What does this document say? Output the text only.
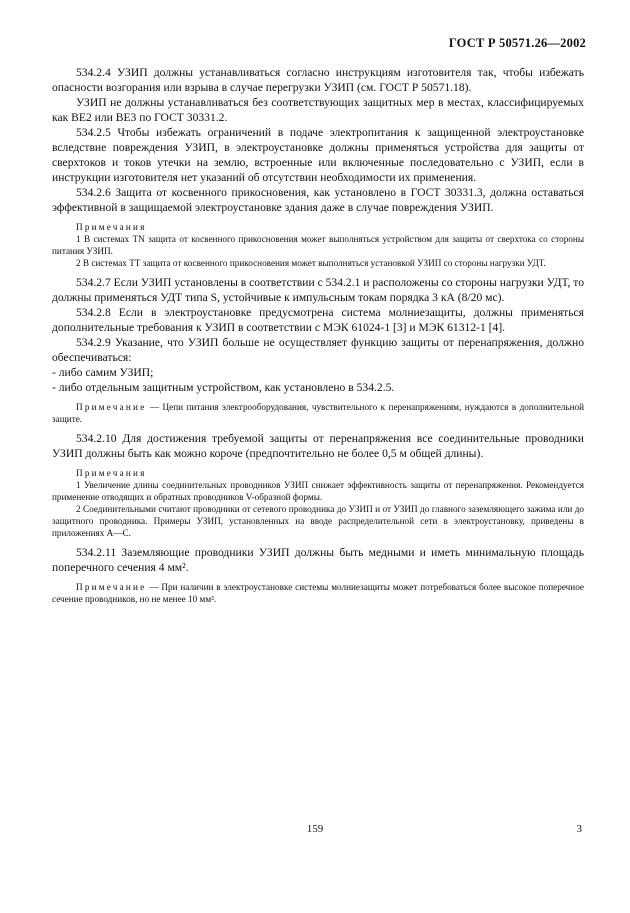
ГОСТ Р 50571.26—2002

534.2.4 УЗИП должны устанавливаться согласно инструкциям изготовителя так, чтобы избежать опасности возгорания или взрыва в случае перегрузки УЗИП (см. ГОСТ Р 50571.18).

УЗИП не должны устанавливаться без соответствующих защитных мер в местах, классифицируемых как ВЕ2 или ВЕ3 по ГОСТ 30331.2.

534.2.5 Чтобы избежать ограничений в подаче электропитания к защищенной электроустановке вследствие повреждения УЗИП, в электроустановке должны применяться устройства для защиты от сверхтоков и токов утечки на землю, встроенные или включенные последовательно с УЗИП, если в инструкции изготовителя нет указаний об отсутствии необходимости их применения.

534.2.6 Защита от косвенного прикосновения, как установлено в ГОСТ 30331.3, должна оставаться эффективной в защищаемой электроустановке здания даже в случае повреждения УЗИП.

Примечания

1 В системах TN защита от косвенного прикосновения может выполняться устройством для защиты от сверхтока со стороны питания УЗИП.

2 В системах ТТ защита от косвенного прикосновения может выполняться установкой УЗИП со стороны нагрузки УДТ.

534.2.7 Если УЗИП установлены в соответствии с 534.2.1 и расположены со стороны нагрузки УДТ, то должны применяться УДТ типа S, устойчивые к импульсным токам порядка 3 кА (8/20 мс).

534.2.8 Если в электроустановке предусмотрена система молниезащиты, должны применяться дополнительные требования к УЗИП в соответствии с МЭК 61024-1 [3] и МЭК 61312-1 [4].

534.2.9 Указание, что УЗИП больше не осуществляет функцию защиты от перенапряжения, должно обеспечиваться:

- либо самим УЗИП;

- либо отдельным защитным устройством, как установлено в 534.2.5.

Примечание — Цепи питания электрооборудования, чувствительного к перенапряжениям, нуждаются в дополнительной защите.

534.2.10 Для достижения требуемой защиты от перенапряжения все соединительные проводники УЗИП должны быть как можно короче (предпочтительно не более 0,5 м общей длины).

Примечания

1 Увеличение длины соединительных проводников УЗИП снижает эффективность защиты от перенапряжения. Рекомендуется применение отводящих и обратных проводников V-образной формы.

2 Соединительными считают проводники от сетевого проводника до УЗИП и от УЗИП до главного заземляющего зажима или до защитного проводника. Примеры УЗИП, установленных на вводе распределительной сети в электроустановку, приведены в приложениях А—С.

534.2.11 Заземляющие проводники УЗИП должны быть медными и иметь минимальную площадь поперечного сечения 4 мм².

Примечание — При наличии в электроустановке системы молниезащиты может потребоваться более высокое поперечное сечение проводников, но не менее 10 мм².

159	3
